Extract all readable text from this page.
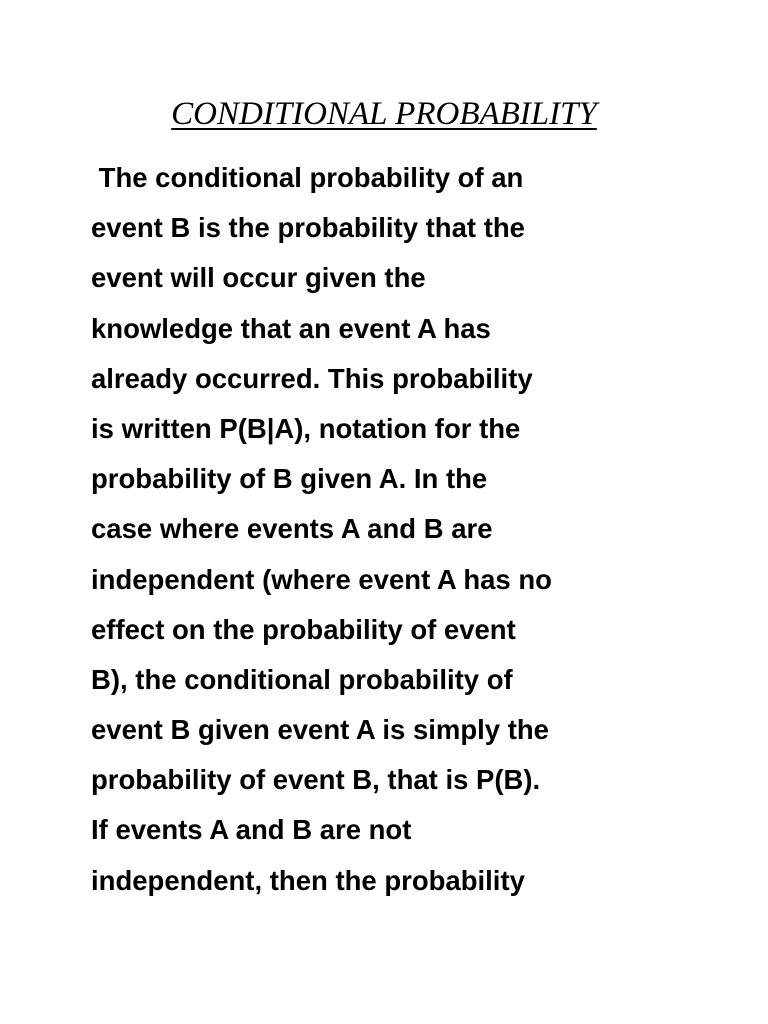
CONDITIONAL PROBABILITY
The conditional probability of an
event B is the probability that the
event will occur given the
knowledge that an event A has
already occurred. This probability
is written P(B|A), notation for the
probability of B given A. In the
case where events A and B are
independent (where event A has no
effect on the probability of event
B), the conditional probability of
event B given event A is simply the
probability of event B, that is P(B).
If events A and B are not
independent, then the probability
